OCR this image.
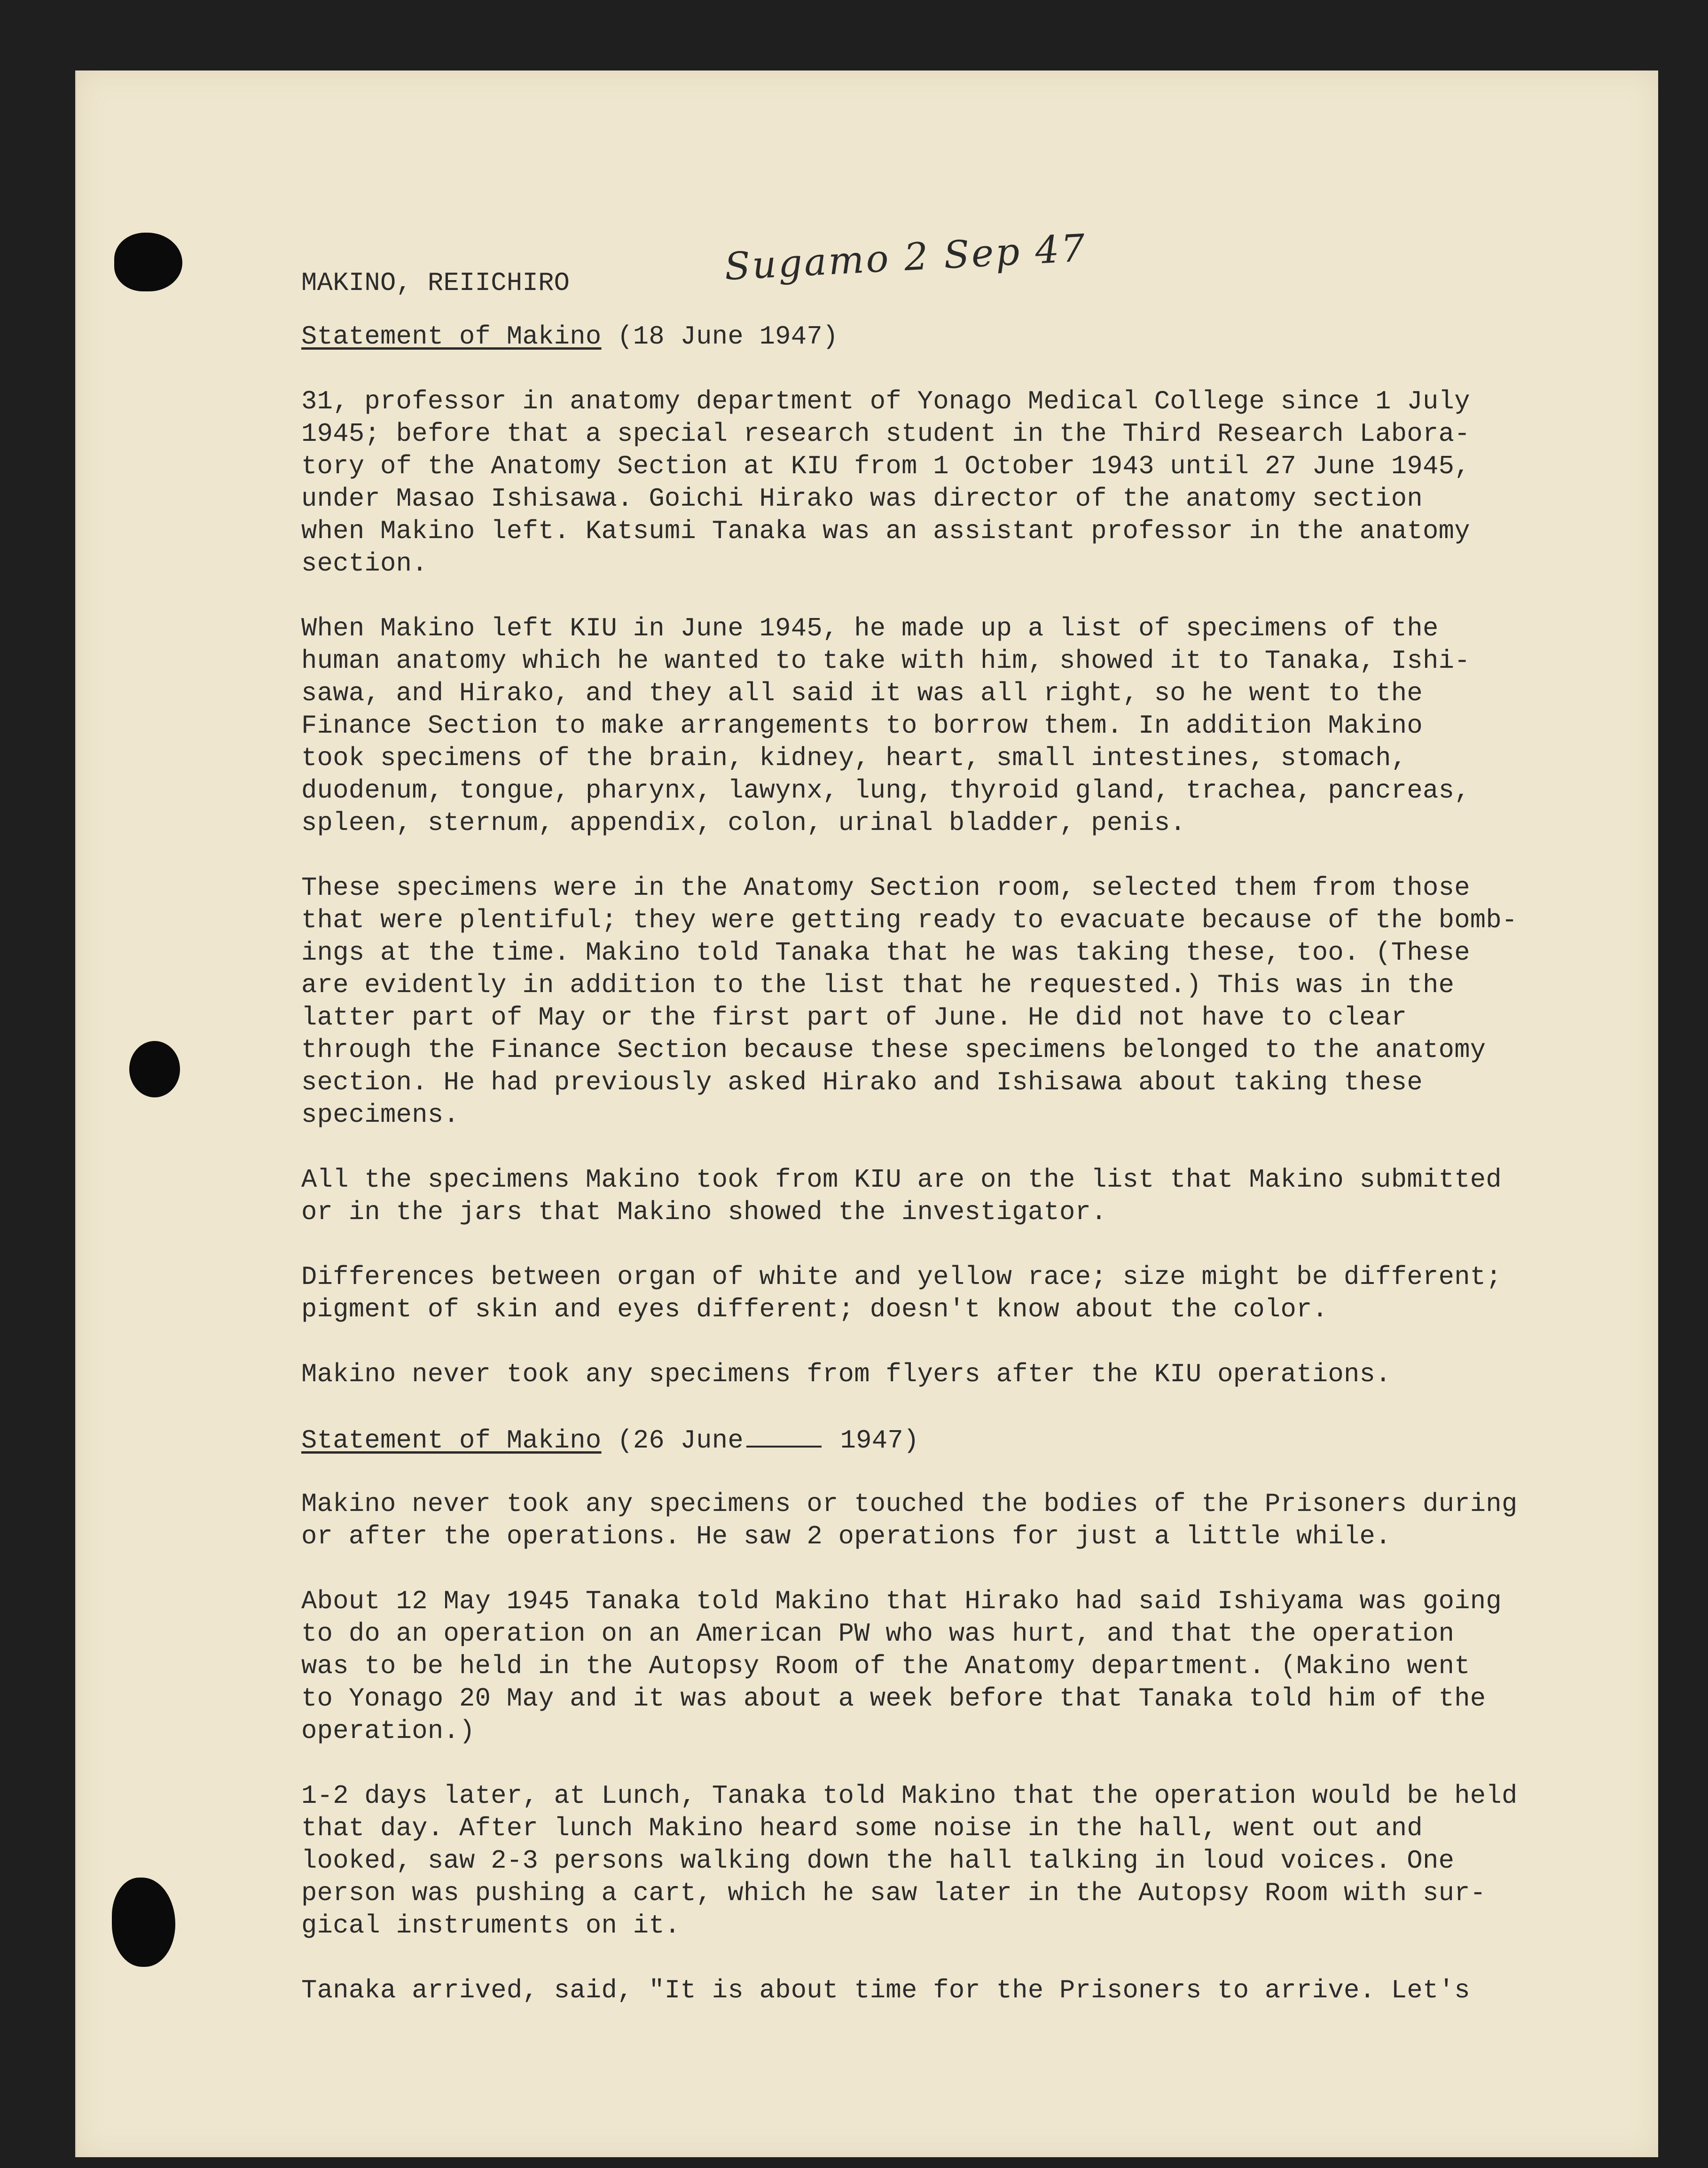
MAKINO, REIICHIRO	Sugamo 2 Sep 47
Statement of Makino (18 June 1947)
31, professor in anatomy department of Yonago Medical College since 1 July
1945; before that a special research student in the Third Research Labora-
tory of the Anatomy Section at KIU from 1 October 1943 until 27 June 1945,
under Masao Ishisawa. Goichi Hirako was director of the anatomy section
when Makino left. Katsumi Tanaka was an assistant professor in the anatomy
section.
When Makino left KIU in June 1945, he made up a list of specimens of the
human anatomy which he wanted to take with him, showed it to Tanaka, Ishi-
sawa, and Hirako, and they all said it was all right, so he went to the
Finance Section to make arrangements to borrow them. In addition Makino
took specimens of the brain, kidney, heart, small intestines, stomach,
duodenum, tongue, pharynx, lawynx, lung, thyroid gland, trachea, pancreas,
spleen, sternum, appendix, colon, urinal bladder, penis.
These specimens were in the Anatomy Section room, selected them from those
that were plentiful; they were getting ready to evacuate because of the bomb-
ings at the time. Makino told Tanaka that he was taking these, too. (These
are evidently in addition to the list that he requested.) This was in the
latter part of May or the first part of June. He did not have to clear
through the Finance Section because these specimens belonged to the anatomy
section. He had previously asked Hirako and Ishisawa about taking these
specimens.
All the specimens Makino took from KIU are on the list that Makino submitted
or in the jars that Makino showed the investigator.
Differences between organ of white and yellow race; size might be different;
pigment of skin and eyes different; doesn't know about the color.
Makino never took any specimens from flyers after the KIU operations.
Statement of Makino (26 June	1947)
Makino never took any specimens or touched the bodies of the Prisoners during
or after the operations. He saw 2 operations for just a little while.
About 12 May 1945 Tanaka told Makino that Hirako had said Ishiyama was going
to do an operation on an American PW who was hurt, and that the operation
was to be held in the Autopsy Room of the Anatomy department. (Makino went
to Yonago 20 May and it was about a week before that Tanaka told him of the
operation.)
1-2 days later, at Lunch, Tanaka told Makino that the operation would be held
that day. After lunch Makino heard some noise in the hall, went out and
looked, saw 2-3 persons walking down the hall talking in loud voices. One
person was pushing a cart, which he saw later in the Autopsy Room with sur-
gical instruments on it.
Tanaka arrived, said, "It is about time for the Prisoners to arrive. Let's
